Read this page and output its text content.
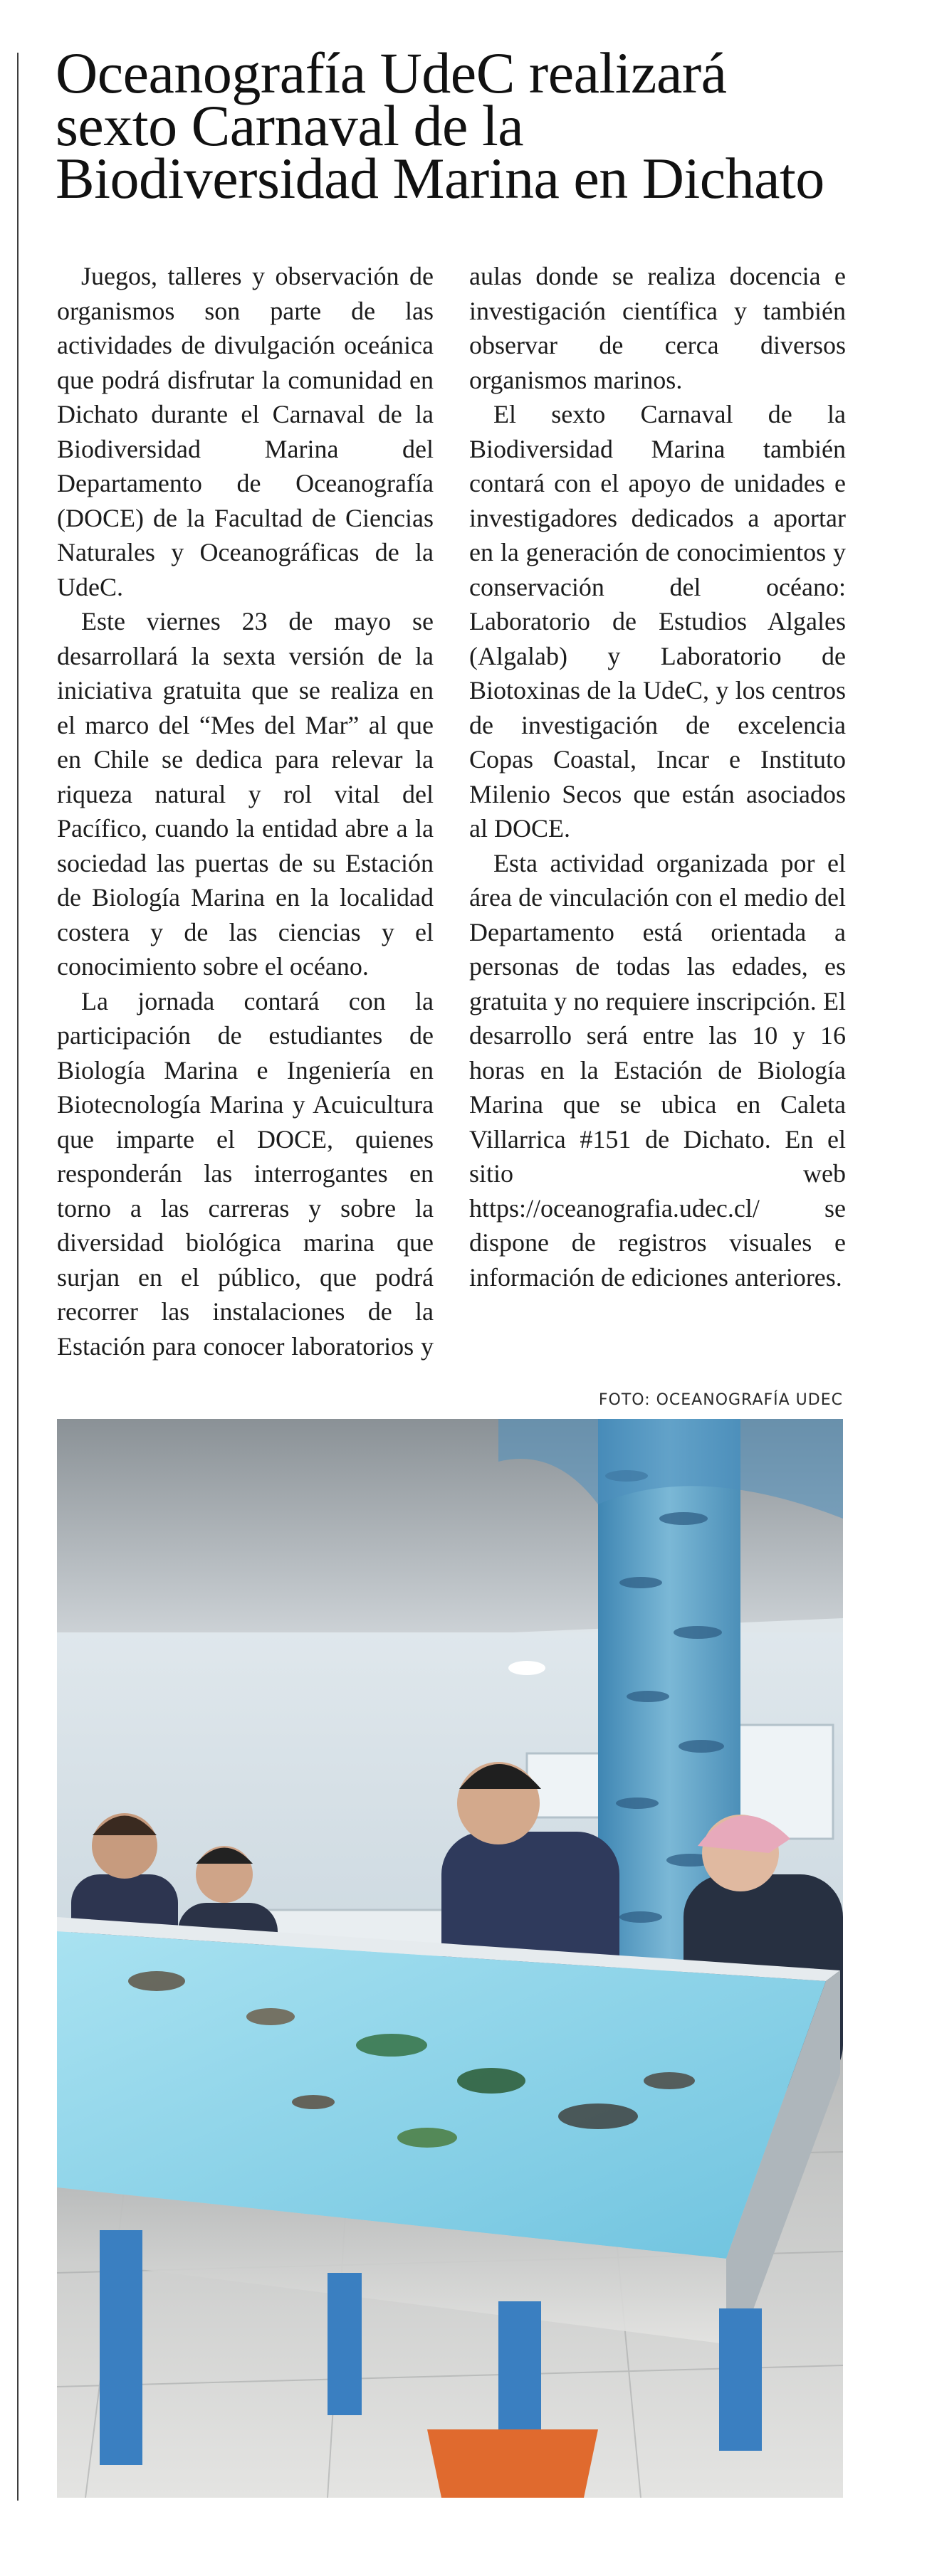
Oceanografía UdeC realizará
sexto Carnaval de la
Biodiversidad Marina en Dichato

Juegos, talleres y observación de organismos son parte de las actividades de divulgación oceánica que podrá disfrutar la comunidad en Dichato durante el Carnaval de la Biodiversidad Marina del Departamento de Oceanografía (DOCE) de la Facultad de Ciencias Naturales y Oceanográficas de la UdeC.

Este viernes 23 de mayo se desarrollará la sexta versión de la iniciativa gratuita que se realiza en el marco del “Mes del Mar” al que en Chile se dedica para relevar la riqueza natural y rol vital del Pacífico, cuando la entidad abre a la sociedad las puertas de su Estación de Biología Marina en la localidad costera y de las ciencias y el conocimiento sobre el océano.

La jornada contará con la participación de estudiantes de Biología Marina e Ingeniería en Biotecnología Marina y Acuicultura que imparte el DOCE, quienes responderán las interrogantes en torno a las carreras y sobre la diversidad biológica marina que surjan en el público, que podrá recorrer las instalaciones de la Estación para conocer laboratorios y aulas donde se realiza docencia e investigación científica y también observar de cerca diversos organismos marinos.

El sexto Carnaval de la Biodiversidad Marina también contará con el apoyo de unidades e investigadores dedicados a aportar en la generación de conocimientos y conservación del océano: Laboratorio de Estudios Algales (Algalab) y Laboratorio de Biotoxinas de la UdeC, y los centros de investigación de excelencia Copas Coastal, Incar e Instituto Milenio Secos que están asociados al DOCE.

Esta actividad organizada por el área de vinculación con el medio del Departamento está orientada a personas de todas las edades, es gratuita y no requiere inscripción. El desarrollo será entre las 10 y 16 horas en la Estación de Biología Marina que se ubica en Caleta Villarrica #151 de Dichato. En el sitio web https://oceanografia.udec.cl/ se dispone de registros visuales e información de ediciones anteriores.

FOTO: OCEANOGRAFÍA UDEC
